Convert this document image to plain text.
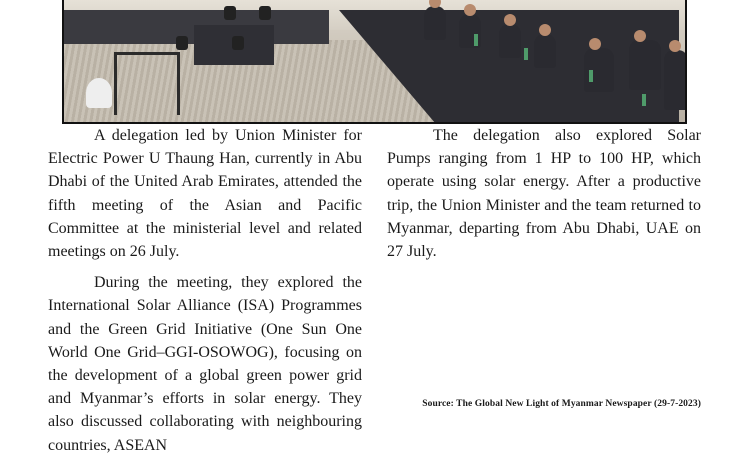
A delegation led by Union Minister for Electric Power U Thaung Han, currently in Abu Dhabi of the United Arab Emirates, attended the fifth meeting of the Asian and Pacific Committee at the ministerial level and related meetings on 26 July.

During the meeting, they explored the International Solar Alliance (ISA) Programmes and the Green Grid Initiative (One Sun One World One Grid–GGI-OSOWOG), focusing on the development of a global green power grid and Myanmar’s efforts in solar energy. They also discussed collaborating with neighbouring countries, ASEAN

The delegation also explored Solar Pumps ranging from 1 HP to 100 HP, which operate using solar energy. After a productive trip, the Union Minister and the team returned to Myanmar, departing from Abu Dhabi, UAE on 27 July.

Source: The Global New Light of Myanmar Newspaper (29-7-2023)
